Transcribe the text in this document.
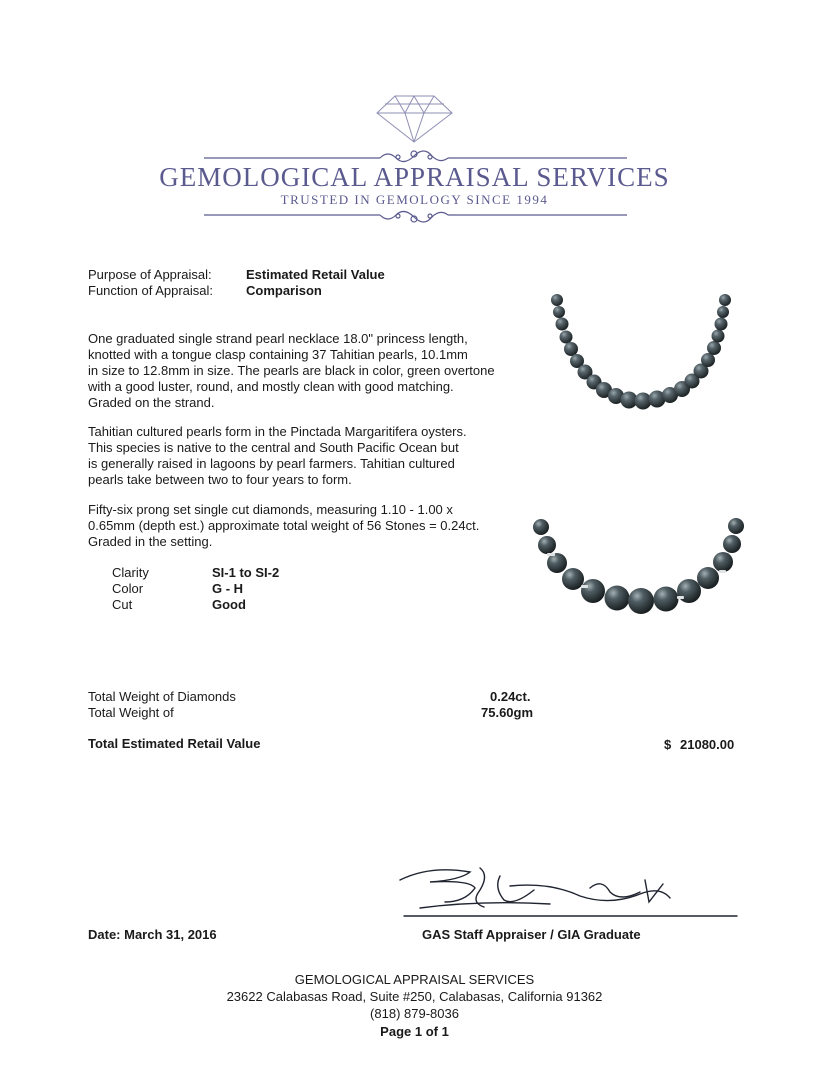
GEMOLOGICAL APPRAISAL SERVICES
TRUSTED IN GEMOLOGY SINCE 1994
Purpose of Appraisal:	Estimated Retail Value
Function of Appraisal:	Comparison
One graduated single strand pearl necklace 18.0" princess length,
knotted with a tongue clasp containing 37 Tahitian pearls, 10.1mm
in size to 12.8mm in size. The pearls are black in color, green overtone
with a good luster, round, and mostly clean with good matching.
Graded on the strand.
Tahitian cultured pearls form in the Pinctada Margaritifera oysters.
This species is native to the central and South Pacific Ocean but
is generally raised in lagoons by pearl farmers. Tahitian cultured
pearls take between two to four years to form.
Fifty-six prong set single cut diamonds, measuring 1.10 - 1.00 x
0.65mm (depth est.) approximate total weight of 56 Stones = 0.24ct.
Graded in the setting.
Clarity	SI-1 to SI-2
Color	G - H
Cut	Good
Total Weight of Diamonds	0.24ct.
Total Weight of	75.60gm
Total Estimated Retail Value	$ 21080.00
Date: March 31, 2016	GAS Staff Appraiser / GIA Graduate
GEMOLOGICAL APPRAISAL SERVICES
23622 Calabasas Road, Suite #250, Calabasas, California 91362
(818) 879-8036
Page 1 of 1
